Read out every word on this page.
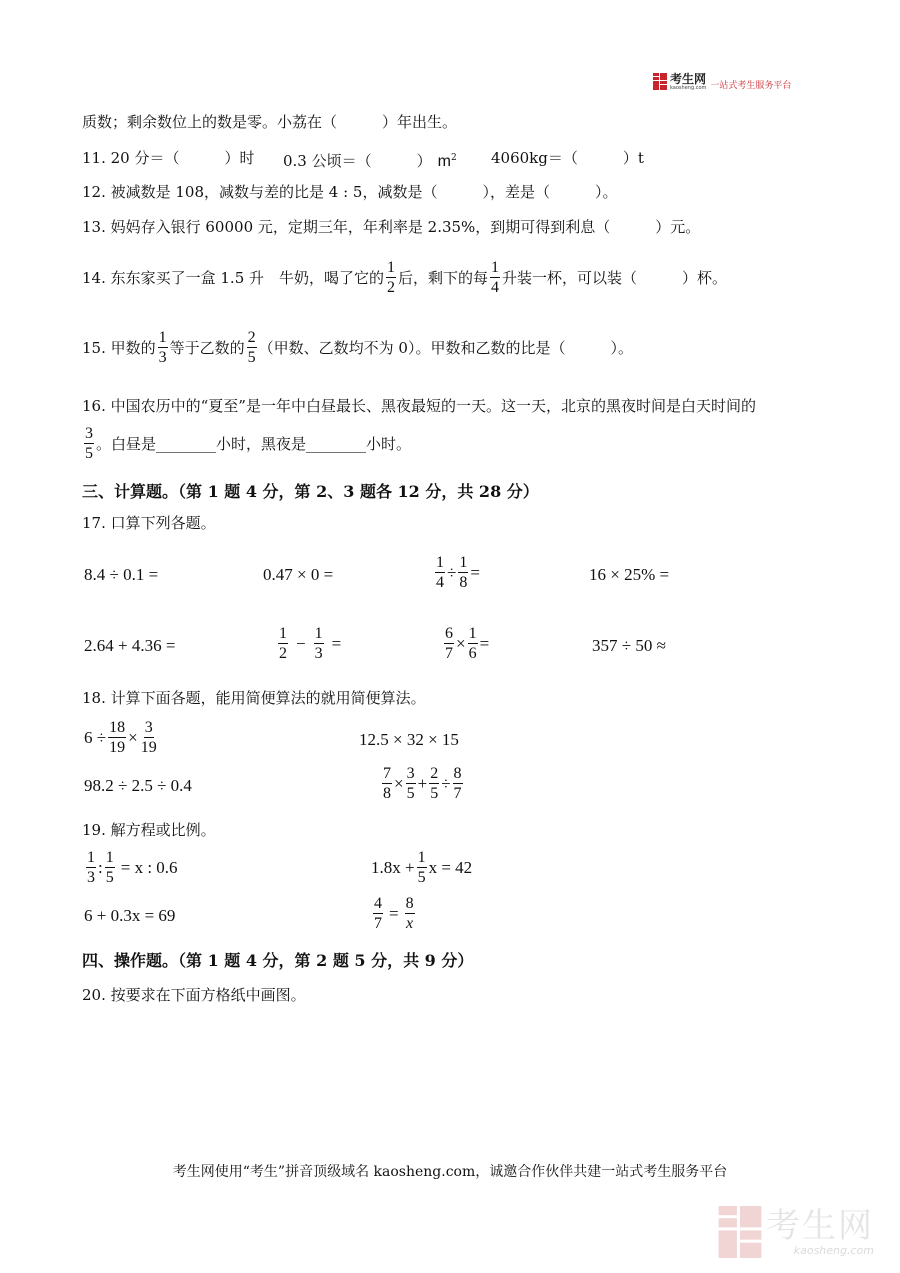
考生网
kaosheng.com 一站式考生服务平台
质数；剩余数位上的数是零。小荔在（　　　）年出生。
11. 20 分＝（　　　）时 0.3 公顷＝（　　　） $m^2$ 4060kg＝（　　　）t
12. 被减数是 108，减数与差的比是 4 : 5，减数是（　　　），差是（　　　）。
13. 妈妈存入银行 60000 元，定期三年，年利率是 2.35%，到期可得到利息（　　　）元。
14. 东东家买了一盒 1.5 升　牛奶，喝了它的 $\frac{1}{2}$ 后，剩下的每 $\frac{1}{4}$ 升装一杯，可以装（　　　）杯。
15. 甲数的 $\frac{1}{3}$ 等于乙数的 $\frac{2}{5}$ （甲数、乙数均不为 0）。甲数和乙数的比是（　　　）。
16. 中国农历中的“夏至”是一年中白昼最长、黑夜最短的一天。这一天，北京的黑夜时间是白天时间的
$\frac{3}{5}$ 。白昼是________小时，黑夜是________小时。
三、计算题。（第 1 题 4 分，第 2、3 题各 12 分，共 28 分）
17. 口算下列各题。
8.4 ÷ 0.1 =	0.47 × 0 =	$\frac{1}{4} \div \frac{1}{8}$ =	16 × 25% =
2.64 + 4.36 =	$\frac{1}{2} - \frac{1}{3}$ =	$\frac{6}{7} \times \frac{1}{6}$ =	357 ÷ 50 ≈
18. 计算下面各题，能用简便算法的就用简便算法。
$6 \div \frac{18}{19} \times \frac{3}{19}$	12.5 × 32 × 15
98.2 ÷ 2.5 ÷ 0.4	$\frac{7}{8} \times \frac{3}{5} + \frac{2}{5} \div \frac{8}{7}$
19. 解方程或比例。
$\frac{1}{3}$ : $\frac{1}{5} = x$ : 0.6	$1.8x + \frac{1}{5}$ x = 42
6 + 0.3x = 69	$\frac{4}{7} = \frac{8}{x}$
四、操作题。（第 1 题 4 分，第 2 题 5 分，共 9 分）
20. 按要求在下面方格纸中画图。
考生网使用“考生”拼音顶级域名 kaosheng.com，诚邀合作伙伴共建一站式考生服务平台
考生网
kaosheng.com
